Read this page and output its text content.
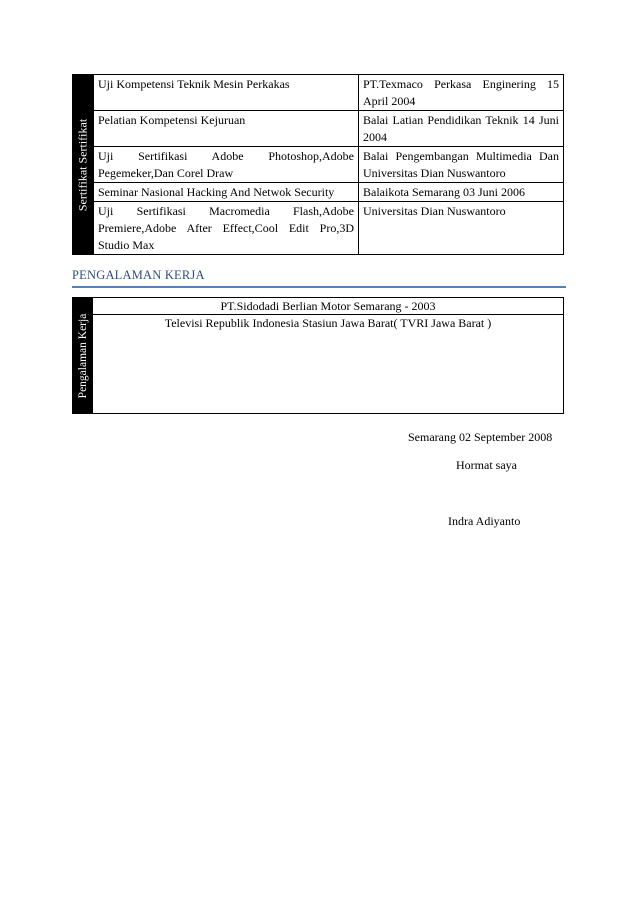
Sertifikat Sertifikat	Uji Kompetensi Teknik Mesin Perkakas	PT.Texmaco Perkasa Enginering 15 April 2004
	Pelatian Kompetensi Kejuruan	Balai Latian Pendidikan Teknik 14 Juni 2004
	Uji Sertifikasi Adobe Photoshop,Adobe Pegemeker,Dan Corel Draw	Balai Pengembangan Multimedia Dan Universitas Dian Nuswantoro
	Seminar Nasional Hacking And Netwok Security	Balaikota Semarang 03 Juni 2006
	Uji Sertifikasi Macromedia Flash,Adobe Premiere,Adobe After Effect,Cool Edit Pro,3D Studio Max	Universitas Dian Nuswantoro
PENGALAMAN KERJA
Pengalaman Kerja
PT.Sidodadi Berlian Motor Semarang - 2003
Televisi Republik Indonesia Stasiun Jawa Barat( TVRI Jawa Barat )
Semarang 02 September 2008
Hormat saya
Indra Adiyanto
